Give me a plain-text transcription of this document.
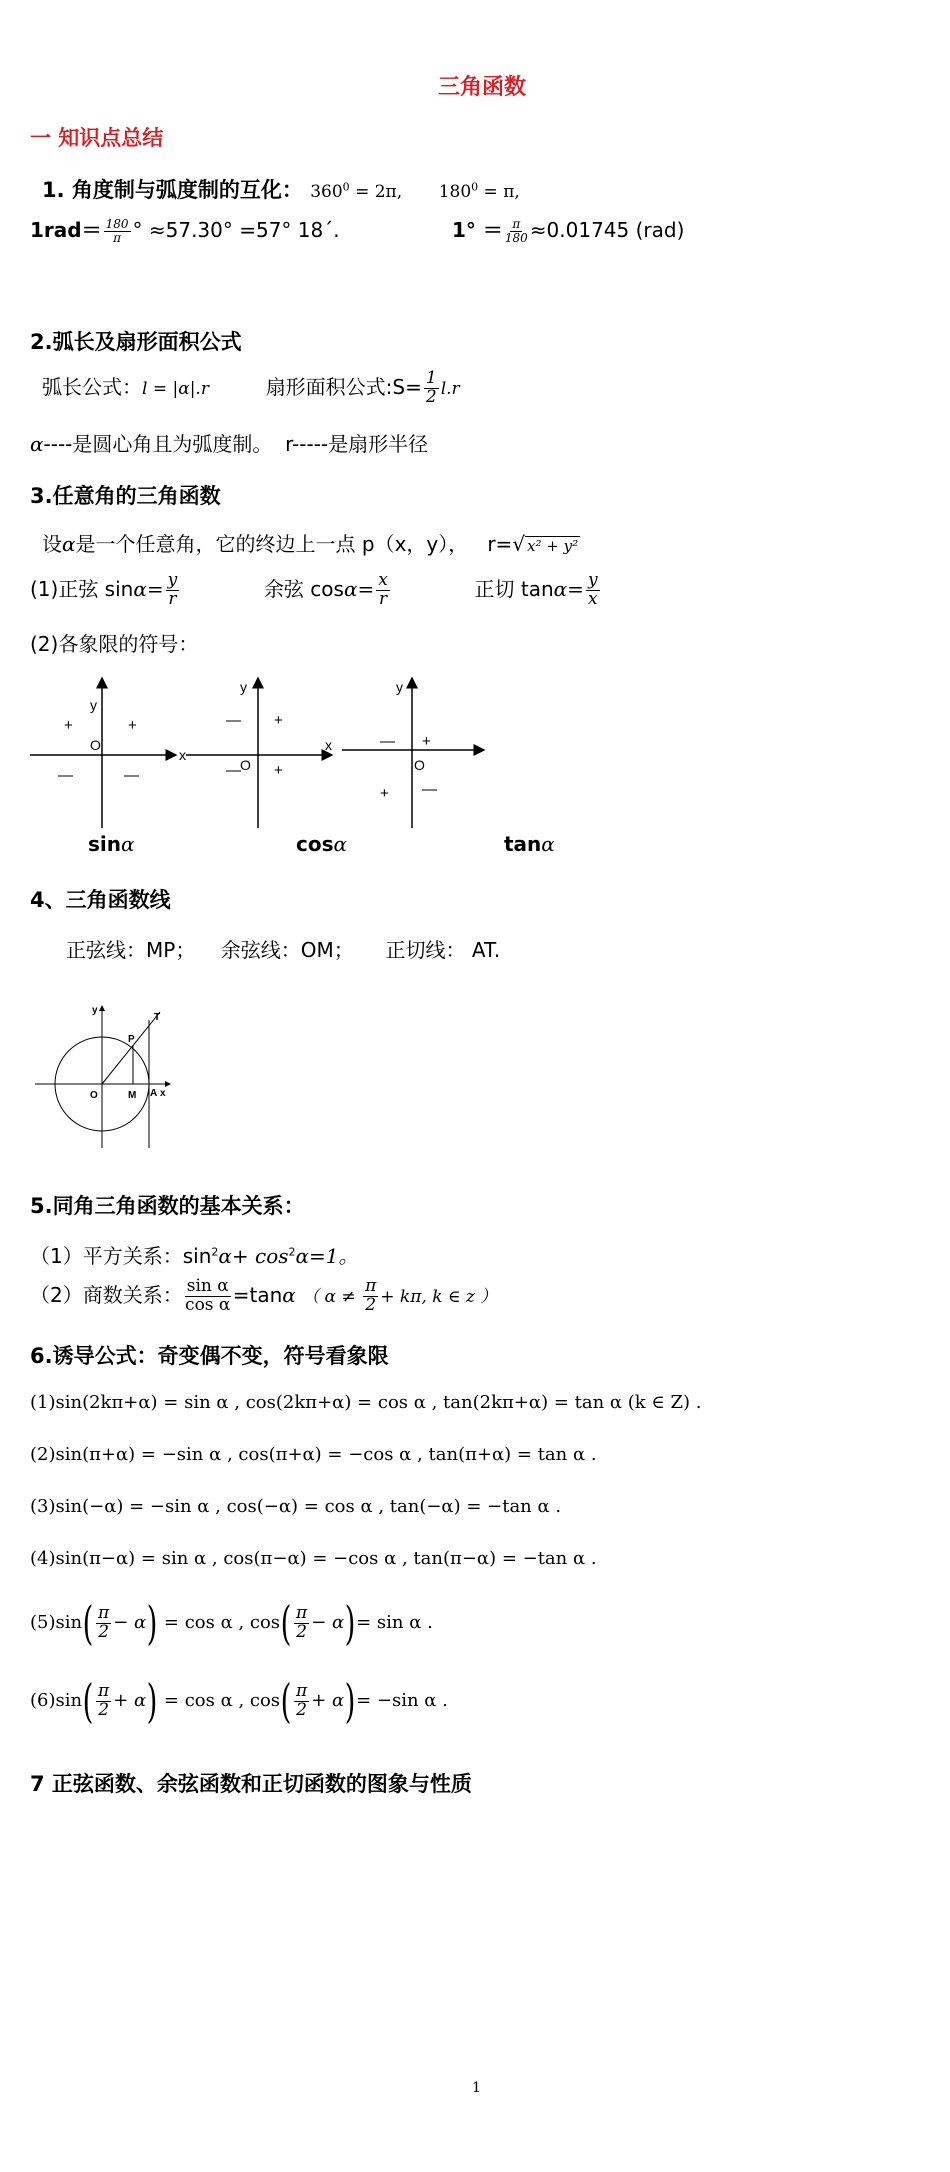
三角函数
一 知识点总结
1. 角度制与弧度制的互化： $360^0 = 2\pi$, $180^0 = \pi$,
$1rad= \frac{180}{\pi}$ ° ≈57.30° =57° 18´.	$1^\circ = \frac{\pi}{180} \approx 0.01745$ (rad)
2.弧长及扇形面积公式
弧长公式：l = |α|.r	扇形面积公式:S= $\frac{1}{2} l.r$
α----是圆心角且为弧度制。 r-----是扇形半径
3.任意角的三角函数
设α是一个任意角，它的终边上一点 p（x，y）， r=√ x² + y²
(1)正弦 $\sin\alpha= \frac{y}{r}$	余弦 $\cos\alpha= \frac{x}{r}$	正切 $\tan\alpha= \frac{y}{x}$
(2)各象限的符号：
x
y
O
+
+
—	—
x
y
O
+
—
— +
y
O
+
—
+ —
sinα	cosα	tanα
4、三角函数线
正弦线：MP；    余弦线：OM；     正切线： AT.
y
P
T
O	M A x
5.同角三角函数的基本关系：
（1）平方关系：$\sin^2\alpha+ \cos^2\alpha=1$。
（2）商数关系： $\frac{\text{sin α}}{\text{cos α}} =\tan\alpha$ （ $\alpha \ne \frac{\pi}{2} + k\pi$, k ∈ z ）
6.诱导公式：奇变偶不变，符号看象限
(1)sin(2kπ+α) = sin α , cos(2kπ+α) = cos α , tan(2kπ+α) = tan α (k ∈ Z) .
(2)sin(π+α) = −sin α , cos(π+α) = −cos α , tan(π+α) = tan α .
(3)sin(−α) = −sin α , cos(−α) = cos α , tan(−α) = −tan α .
(4)sin(π−α) = sin α , cos(π−α) = −cos α , tan(π−α) = −tan α .
$(5)\sin( \frac{\pi}{2} - \alpha) = \cos \alpha$ , $\cos( \frac{\pi}{2} - \alpha)= \sin \alpha$ .
$(6)\sin( \frac{\pi}{2} + \alpha) = \cos \alpha$ , $\cos( \frac{\pi}{2} + \alpha)= -\sin$ α .
7 正弦函数、余弦函数和正切函数的图象与性质
1
